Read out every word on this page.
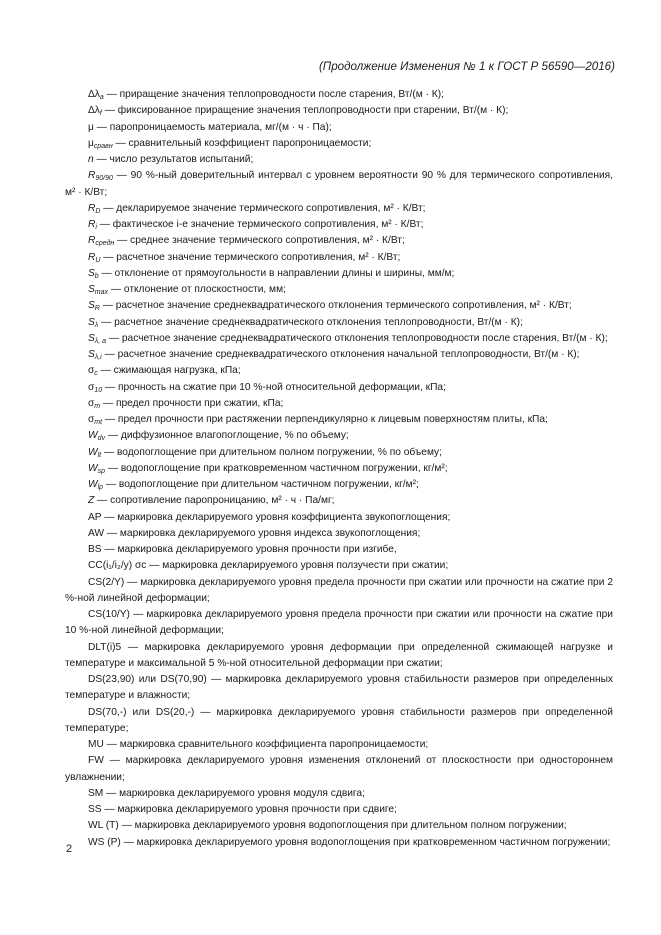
(Продолжение Изменения № 1 к ГОСТ Р 56590—2016)

$\Delta\lambda_a$ — приращение значения теплопроводности после старения, Вт/(м · К);

$\Delta\lambda_f$ — фиксированное приращение значения теплопроводности при старении, Вт/(м · К);

μ — паропроницаемость материала, мг/(м · ч · Па);

$\mu_{сравн}$ — сравнительный коэффициент паропроницаемости;

n — число результатов испытаний;

$R_{90/90}$ — 90 %-ный доверительный интервал с уровнем вероятности 90 % для термического сопротивления, м² · К/Вт;

$R_D$ — декларируемое значение термического сопротивления, м² · К/Вт;

$R_i$ — фактическое i-е значение термического сопротивления, м² · К/Вт;

$R_{средн}$ — среднее значение термического сопротивления, м² · К/Вт;

$R_U$ — расчетное значение термического сопротивления, м² · К/Вт;

$S_b$ — отклонение от прямоугольности в направлении длины и ширины, мм/м;

$S_{max}$ — отклонение от плоскостности, мм;

$S_R$ — расчетное значение среднеквадратического отклонения термического сопротивления, м² · К/Вт;

$S_\lambda$ — расчетное значение среднеквадратического отклонения теплопроводности, Вт/(м · К);

$S_{\lambda, a}$ — расчетное значение среднеквадратического отклонения теплопроводности после старения, Вт/(м · К);

$S_{\lambda,i}$ — расчетное значение среднеквадратического отклонения начальной теплопроводности, Вт/(м · К);

$\sigma_c$ — сжимающая нагрузка, кПа;

$\sigma_{10}$ — прочность на сжатие при 10 %-ной относительной деформации, кПа;

$\sigma_m$ — предел прочности при сжатии, кПа;

$\sigma_{mt}$ — предел прочности при растяжении перпендикулярно к лицевым поверхностям плиты, кПа;

$W_{dv}$ — диффузионное влагопоглощение, % по объему;

$W_{lt}$ — водопоглощение при длительном полном погружении, % по объему;

$W_{sp}$ — водопоглощение при кратковременном частичном погружении, кг/м²;

$W_{lp}$ — водопоглощение при длительном частичном погружении, кг/м²;

Z — сопротивление паропроницанию, м² · ч · Па/мг;

AP — маркировка декларируемого уровня коэффициента звукопоглощения;

AW — маркировка декларируемого уровня индекса звукопоглощения;

BS — маркировка декларируемого уровня прочности при изгибе,

CC(i₁/i₂/y) σc — маркировка декларируемого уровня ползучести при сжатии;

CS(2/Y) — маркировка декларируемого уровня предела прочности при сжатии или прочности на сжатие при 2 %-ной линейной деформации;

CS(10/Y) — маркировка декларируемого уровня предела прочности при сжатии или прочности на сжатие при 10 %-ной линейной деформации;

DLT(i)5 — маркировка декларируемого уровня деформации при определенной сжимающей нагрузке и температуре и максимальной 5 %-ной относительной деформации при сжатии;

DS(23,90) или DS(70,90) — маркировка декларируемого уровня стабильности размеров при определенных температуре и влажности;

DS(70,-) или DS(20,-) — маркировка декларируемого уровня стабильности размеров при определенной температуре;

MU — маркировка сравнительного коэффициента паропроницаемости;

FW — маркировка декларируемого уровня изменения отклонений от плоскостности при одностороннем увлажнении;

SM — маркировка декларируемого уровня модуля сдвига;

SS — маркировка декларируемого уровня прочности при сдвиге;

WL (T) — маркировка декларируемого уровня водопоглощения при длительном полном погружении;

WS (P) — маркировка декларируемого уровня водопоглощения при кратковременном частичном погружении;

2
